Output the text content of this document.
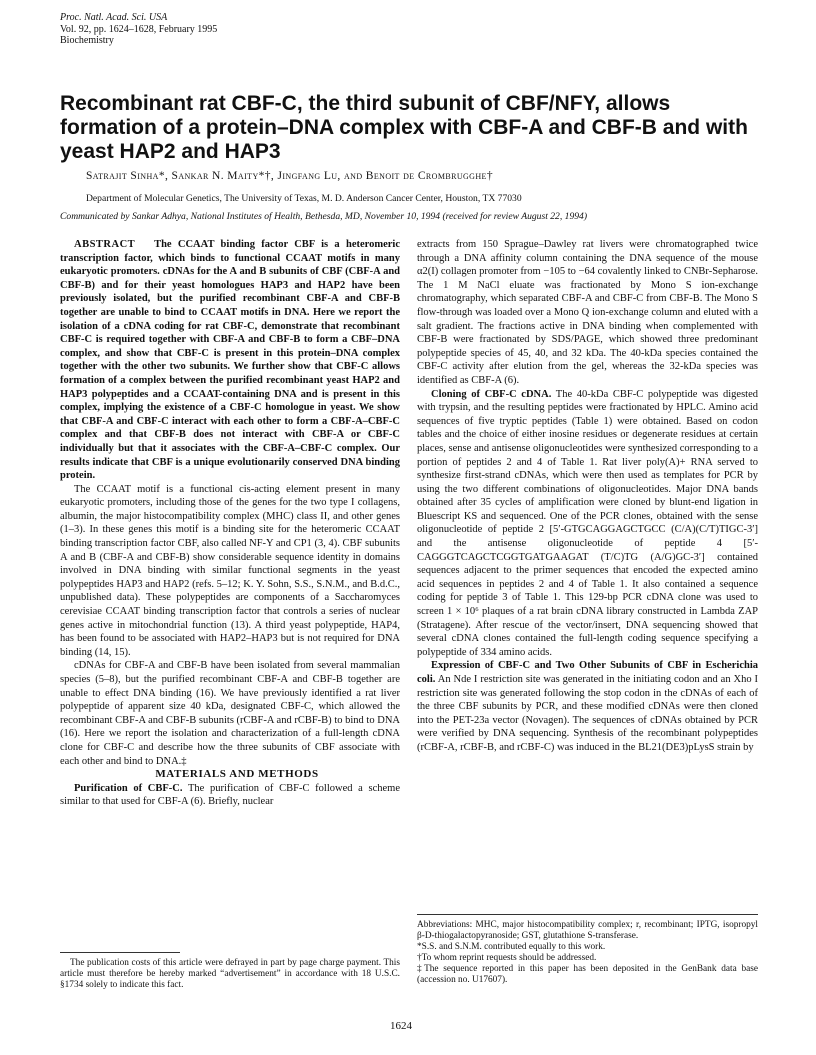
Proc. Natl. Acad. Sci. USA
Vol. 92, pp. 1624–1628, February 1995
Biochemistry
Recombinant rat CBF-C, the third subunit of CBF/NFY, allows formation of a protein–DNA complex with CBF-A and CBF-B and with yeast HAP2 and HAP3
Satrajit Sinha*, Sankar N. Maity*†, Jingfang Lu, and Benoit de Crombrugghe†
Department of Molecular Genetics, The University of Texas, M. D. Anderson Cancer Center, Houston, TX 77030
Communicated by Sankar Adhya, National Institutes of Health, Bethesda, MD, November 10, 1994 (received for review August 22, 1994)

ABSTRACT The CCAAT binding factor CBF is a heteromeric transcription factor, which binds to functional CCAAT motifs in many eukaryotic promoters. cDNAs for the A and B subunits of CBF (CBF-A and CBF-B) and for their yeast homologues HAP3 and HAP2 have been previously isolated, but the purified recombinant CBF-A and CBF-B together are unable to bind to CCAAT motifs in DNA. Here we report the isolation of a cDNA coding for rat CBF-C, demonstrate that recombinant CBF-C is required together with CBF-A and CBF-B to form a CBF–DNA complex, and show that CBF-C is present in this protein–DNA complex together with the other two subunits. We further show that CBF-C allows formation of a complex between the purified recombinant yeast HAP2 and HAP3 polypeptides and a CCAAT-containing DNA and is present in this complex, implying the existence of a CBF-C homologue in yeast. We show that CBF-A and CBF-C interact with each other to form a CBF-A–CBF-C complex and that CBF-B does not interact with CBF-A or CBF-C individually but that it associates with the CBF-A–CBF-C complex. Our results indicate that CBF is a unique evolutionarily conserved DNA binding protein.

The CCAAT motif is a functional cis-acting element present in many eukaryotic promoters, including those of the genes for the two type I collagens, albumin, the major histocompatibility complex (MHC) class II, and other genes (1–3). In these genes this motif is a binding site for the heteromeric CCAAT binding transcription factor CBF, also called NF-Y and CP1 (3, 4). CBF subunits A and B (CBF-A and CBF-B) show considerable sequence identity in domains involved in DNA binding with similar functional segments in the yeast polypeptides HAP3 and HAP2 (refs. 5–12; K. Y. Sohn, S.S., S.N.M., and B.d.C., unpublished data). These polypeptides are components of a Saccharomyces cerevisiae CCAAT binding transcription factor that controls a series of nuclear genes active in mitochondrial function (13). A third yeast polypeptide, HAP4, has been found to be associated with HAP2–HAP3 but is not required for DNA binding (14, 15).

cDNAs for CBF-A and CBF-B have been isolated from several mammalian species (5–8), but the purified recombinant CBF-A and CBF-B together are unable to effect DNA binding (16). We have previously identified a rat liver polypeptide of apparent size 40 kDa, designated CBF-C, which allowed the recombinant CBF-A and CBF-B subunits (rCBF-A and rCBF-B) to bind to DNA (16). Here we report the isolation and characterization of a full-length cDNA clone for CBF-C and describe how the three subunits of CBF associate with each other and bind to DNA.‡

MATERIALS AND METHODS

Purification of CBF-C. The purification of CBF-C followed a scheme similar to that used for CBF-A (6). Briefly, nuclear

The publication costs of this article were defrayed in part by page charge payment. This article must therefore be hereby marked “advertisement” in accordance with 18 U.S.C. §1734 solely to indicate this fact.

extracts from 150 Sprague–Dawley rat livers were chromatographed twice through a DNA affinity column containing the DNA sequence of the mouse α2(I) collagen promoter from −105 to −64 covalently linked to CNBr-Sepharose. The 1 M NaCl eluate was fractionated by Mono S ion-exchange chromatography, which separated CBF-A and CBF-C from CBF-B. The Mono S flow-through was loaded over a Mono Q ion-exchange column and eluted with a salt gradient. The fractions active in DNA binding when complemented with CBF-B were fractionated by SDS/PAGE, which showed three predominant polypeptide species of 45, 40, and 32 kDa. The 40-kDa species contained the CBF-C activity after elution from the gel, whereas the 32-kDa species was identified as CBF-A (6).

Cloning of CBF-C cDNA. The 40-kDa CBF-C polypeptide was digested with trypsin, and the resulting peptides were fractionated by HPLC. Amino acid sequences of five tryptic peptides (Table 1) were obtained. Based on codon tables and the choice of either inosine residues or degenerate residues at certain places, sense and antisense oligonucleotides were synthesized corresponding to a portion of peptides 2 and 4 of Table 1. Rat liver poly(A)+ RNA served to synthesize first-strand cDNAs, which were then used as templates for PCR by using the two different combinations of oligonucleotides. Major DNA bands obtained after 35 cycles of amplification were cloned by blunt-end ligation in Bluescript KS and sequenced. One of the PCR clones, obtained with the sense oligonucleotide of peptide 2 [5′-GTGCAGGAGCTGCC (C/A)(C/T)TIGC-3′] and the antisense oligonucleotide of peptide 4 [5′-CAGGGTCAGCTCGGTGATGAAGAT (T/C)TG (A/G)GC-3′] contained sequences adjacent to the primer sequences that encoded the expected amino acid sequences in peptides 2 and 4 of Table 1. It also contained a sequence coding for peptide 3 of Table 1. This 129-bp PCR cDNA clone was used to screen 1 × 10⁶ plaques of a rat brain cDNA library constructed in Lambda ZAP (Stratagene). After rescue of the vector/insert, DNA sequencing showed that several cDNA clones contained the full-length coding sequence specifying a polypeptide of 334 amino acids.

Expression of CBF-C and Two Other Subunits of CBF in Escherichia coli. An Nde I restriction site was generated in the initiating codon and an Xho I restriction site was generated following the stop codon in the cDNAs of each of the three CBF subunits by PCR, and these modified cDNAs were then cloned into the PET-23a vector (Novagen). The sequences of cDNAs obtained by PCR were verified by DNA sequencing. Synthesis of the recombinant polypeptides (rCBF-A, rCBF-B, and rCBF-C) was induced in the BL21(DE3)pLysS strain by

Abbreviations: MHC, major histocompatibility complex; r, recombinant; IPTG, isopropyl β-D-thiogalactopyranoside; GST, glutathione S-transferase.

*S.S. and S.N.M. contributed equally to this work.

†To whom reprint requests should be addressed.

‡The sequence reported in this paper has been deposited in the GenBank data base (accession no. U17607).

1624
